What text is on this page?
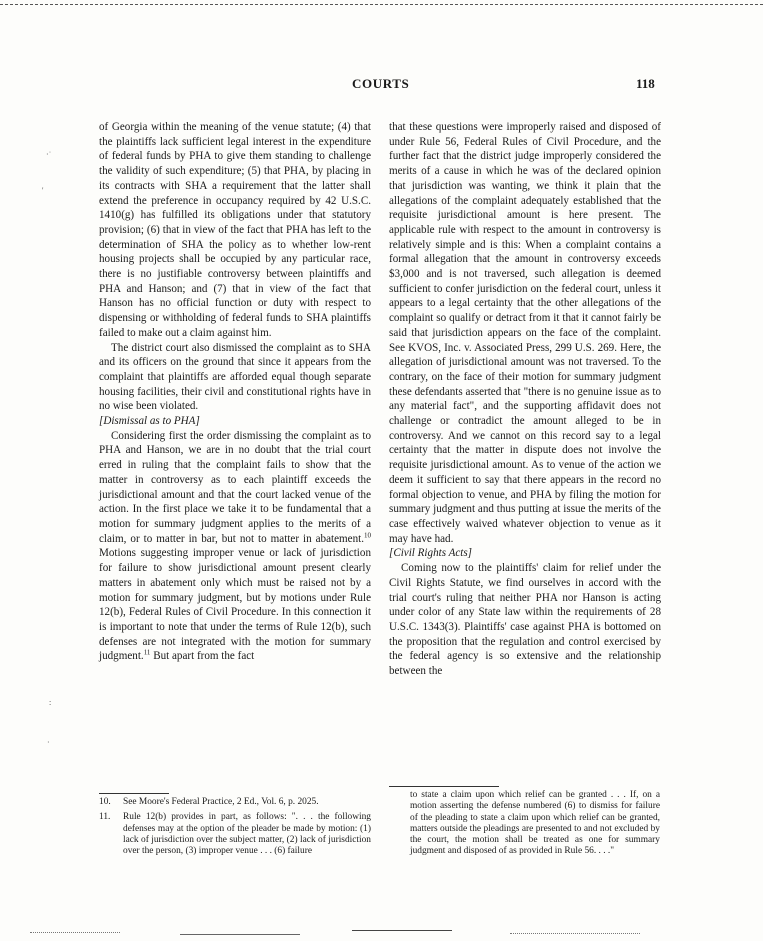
COURTS	118
·˙
'
:
·

of Georgia within the meaning of the venue statute; (4) that the plaintiffs lack sufficient legal interest in the expenditure of federal funds by PHA to give them standing to challenge the validity of such expenditure; (5) that PHA, by placing in its contracts with SHA a requirement that the latter shall extend the preference in occupancy required by 42 U.S.C. 1410(g) has fulfilled its obligations under that statutory provision; (6) that in view of the fact that PHA has left to the determination of SHA the policy as to whether low-rent housing projects shall be occupied by any particular race, there is no justifiable controversy between plaintiffs and PHA and Hanson; and (7) that in view of the fact that Hanson has no official function or duty with respect to dispensing or withholding of federal funds to SHA plaintiffs failed to make out a claim against him.

The district court also dismissed the complaint as to SHA and its officers on the ground that since it appears from the complaint that plaintiffs are afforded equal though separate housing facilities, their civil and constitutional rights have in no wise been violated.

[Dismissal as to PHA]

Considering first the order dismissing the complaint as to PHA and Hanson, we are in no doubt that the trial court erred in ruling that the complaint fails to show that the matter in controversy as to each plaintiff exceeds the jurisdictional amount and that the court lacked venue of the action. In the first place we take it to be fundamental that a motion for summary judgment applies to the merits of a claim, or to matter in bar, but not to matter in abatement.$^{10}$ Motions suggesting improper venue or lack of jurisdiction for failure to show jurisdictional amount present clearly matters in abatement only which must be raised not by a motion for summary judgment, but by motions under Rule 12(b), Federal Rules of Civil Procedure. In this connection it is important to note that under the terms of Rule 12(b), such defenses are not integrated with the motion for summary judgment.$^{11}$ But apart from the fact

that these questions were improperly raised and disposed of under Rule 56, Federal Rules of Civil Procedure, and the further fact that the district judge improperly considered the merits of a cause in which he was of the declared opinion that jurisdiction was wanting, we think it plain that the allegations of the complaint adequately established that the requisite jurisdictional amount is here present. The applicable rule with respect to the amount in controversy is relatively simple and is this: When a complaint contains a formal allegation that the amount in controversy exceeds $3,000 and is not traversed, such allegation is deemed sufficient to confer jurisdiction on the federal court, unless it appears to a legal certainty that the other allegations of the complaint so qualify or detract from it that it cannot fairly be said that jurisdiction appears on the face of the complaint. See KVOS, Inc. v. Associated Press, 299 U.S. 269. Here, the allegation of jurisdictional amount was not traversed. To the contrary, on the face of their motion for summary judgment these defendants asserted that "there is no genuine issue as to any material fact", and the supporting affidavit does not challenge or contradict the amount alleged to be in controversy. And we cannot on this record say to a legal certainty that the matter in dispute does not involve the requisite jurisdictional amount. As to venue of the action we deem it sufficient to say that there appears in the record no formal objection to venue, and PHA by filing the motion for summary judgment and thus putting at issue the merits of the case effectively waived whatever objection to venue as it may have had.

[Civil Rights Acts]

Coming now to the plaintiffs' claim for relief under the Civil Rights Statute, we find ourselves in accord with the trial court's ruling that neither PHA nor Hanson is acting under color of any State law within the requirements of 28 U.S.C. 1343(3). Plaintiffs' case against PHA is bottomed on the proposition that the regulation and control exercised by the federal agency is so extensive and the relationship between the

10.	See Moore's Federal Practice, 2 Ed., Vol. 6, p. 2025.
11.	Rule 12(b) provides in part, as follows: ". . . the following defenses may at the option of the pleader be made by motion: (1) lack of jurisdiction over the subject matter, (2) lack of jurisdiction over the person, (3) improper venue . . . (6) failure
to state a claim upon which relief can be granted . . . If, on a motion asserting the defense numbered (6) to dismiss for failure of the pleading to state a claim upon which relief can be granted, matters outside the pleadings are presented to and not excluded by the court, the motion shall be treated as one for summary judgment and disposed of as provided in Rule 56. . . ."
